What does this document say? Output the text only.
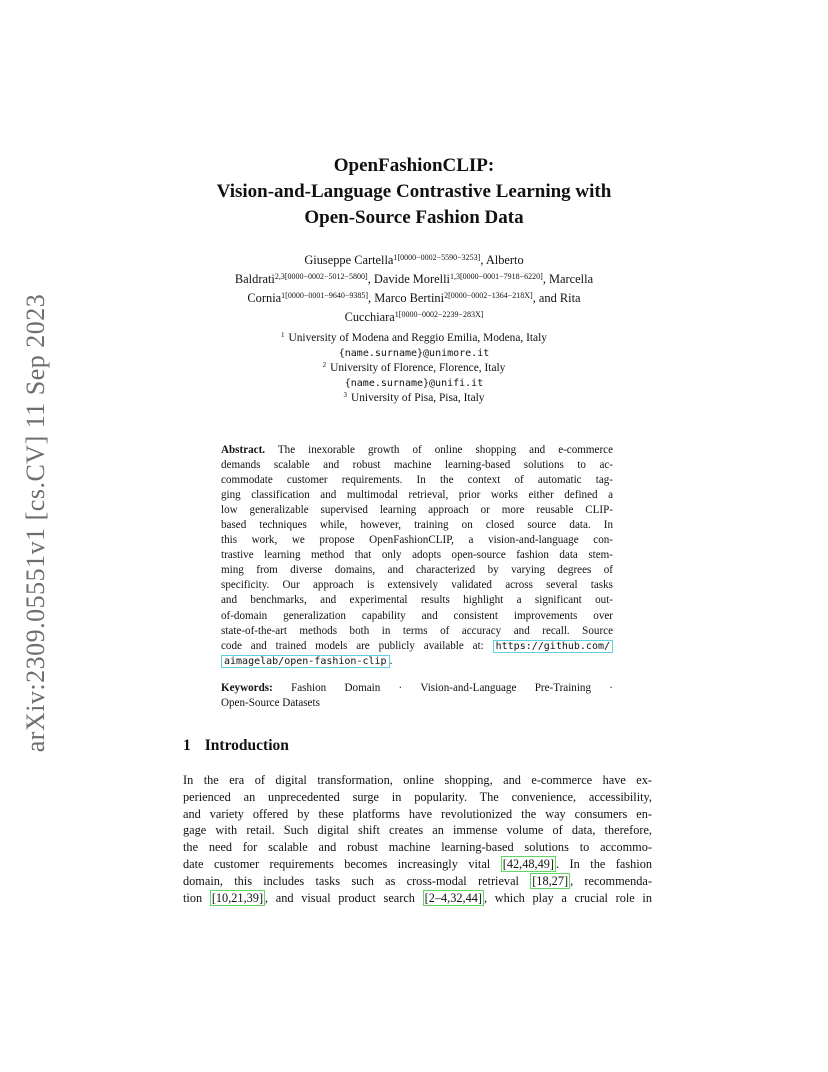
arXiv:2309.05551v1 [cs.CV] 11 Sep 2023
OpenFashionCLIP:
Vision-and-Language Contrastive Learning with
Open-Source Fashion Data
Giuseppe Cartella$^{1[0000-0002-5590-3253]}$, Alberto
Baldrati$^{2,3[0000-0002-5012-5800]}$, Davide Morelli$^{1,3[0000-0001-7918-6220]}$, Marcella
Cornia$^{1[0000-0001-9640-9385]}$, Marco Bertini$^{2[0000-0002-1364-218X]}$, and Rita
Cucchiara$^{1[0000-0002-2239-283X]}$
$^1$ University of Modena and Reggio Emilia, Modena, Italy
{name.surname}@unimore.it
$^2$ University of Florence, Florence, Italy
{name.surname}@unifi.it
$^3$ University of Pisa, Pisa, Italy
Abstract. The inexorable growth of online shopping and e-commerce
demands scalable and robust machine learning-based solutions to ac-
commodate customer requirements. In the context of automatic tag-
ging classification and multimodal retrieval, prior works either defined a
low generalizable supervised learning approach or more reusable CLIP-
based techniques while, however, training on closed source data. In
this work, we propose OpenFashionCLIP, a vision-and-language con-
trastive learning method that only adopts open-source fashion data stem-
ming from diverse domains, and characterized by varying degrees of
specificity. Our approach is extensively validated across several tasks
and benchmarks, and experimental results highlight a significant out-
of-domain generalization capability and consistent improvements over
state-of-the-art methods both in terms of accuracy and recall. Source
code and trained models are publicly available at: https://github.com/
aimagelab/open-fashion-clip .
Keywords: Fashion Domain · Vision-and-Language Pre-Training ·
Open-Source Datasets
1 Introduction
In the era of digital transformation, online shopping, and e-commerce have ex-
perienced an unprecedented surge in popularity. The convenience, accessibility,
and variety offered by these platforms have revolutionized the way consumers en-
gage with retail. Such digital shift creates an immense volume of data, therefore,
the need for scalable and robust machine learning-based solutions to accommo-
date customer requirements becomes increasingly vital [42,48,49] . In the fashion
domain, this includes tasks such as cross-modal retrieval [18,27] , recommenda-
tion [10,21,39] , and visual product search [2–4,32,44] , which play a crucial role in
